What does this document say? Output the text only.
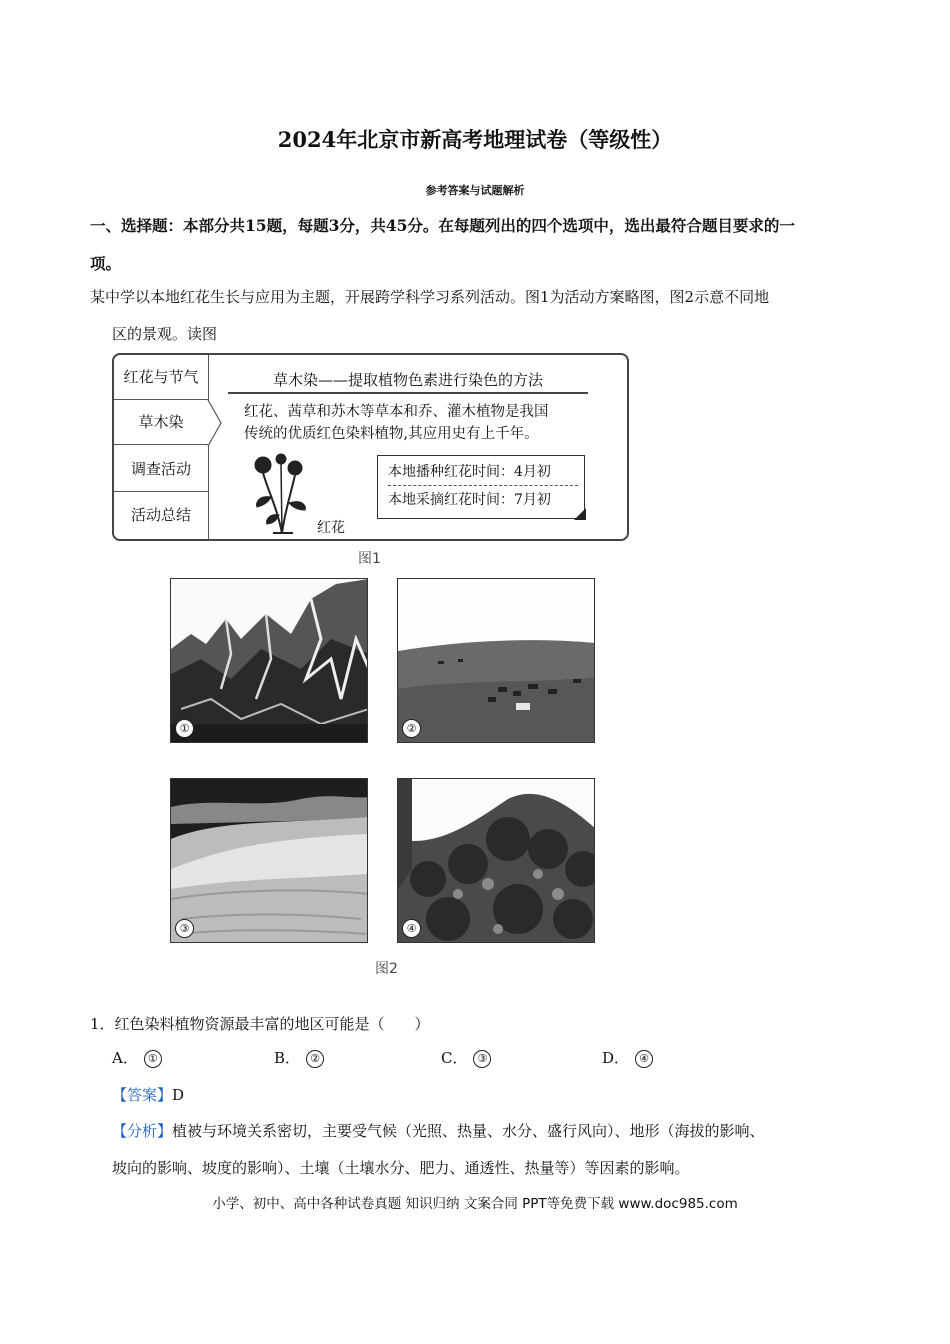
2024年北京市新高考地理试卷（等级性）
参考答案与试题解析
一、选择题：本部分共15题，每题3分，共45分。在每题列出的四个选项中，选出最符合题目要求的一
项。
某中学以本地红花生长与应用为主题，开展跨学科学习系列活动。图1为活动方案略图，图2示意不同地
区的景观。读图
红花与节气
草木染
调查活动
活动总结
草木染——提取植物色素进行染色的方法
红花、茜草和苏木等草本和乔、灌木植物是我国
传统的优质红色染料植物,其应用史有上千年。
红花
本地播种红花时间：4月初
本地采摘红花时间：7月初
图1
①	②
③	④
图2
1．红色染料植物资源最丰富的地区可能是（　　）
A． ①	B． ②	C． ③	D． ④
【答案】D
【分析】植被与环境关系密切，主要受气候（光照、热量、水分、盛行风向）、地形（海拔的影响、
坡向的影响、坡度的影响）、土壤（土壤水分、肥力、通透性、热量等）等因素的影响。
小学、初中、高中各种试卷真题 知识归纳 文案合同 PPT等免费下载 www.doc985.com
